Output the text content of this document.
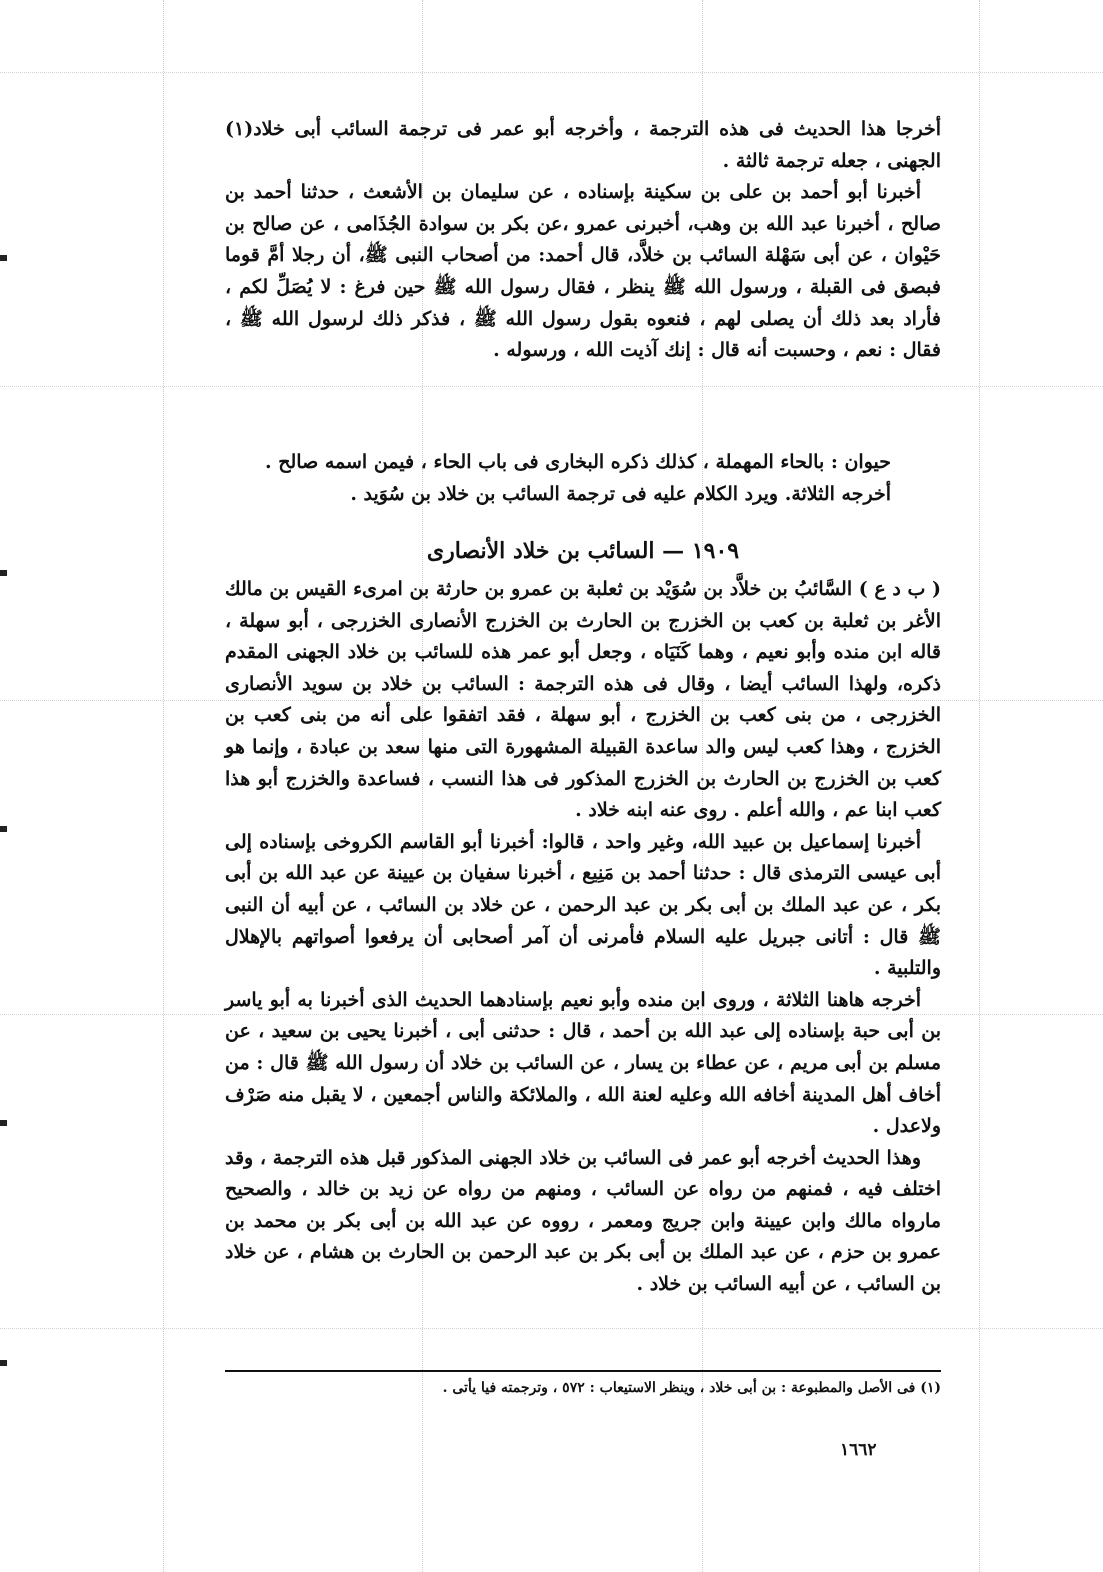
أخرجا هذا الحديث فى هذه الترجمة ، وأخرجه أبو عمر فى ترجمة السائب أبى خلاد(١) الجهنى ، جعله ترجمة ثالثة .

أخبرنا أبو أحمد بن على بن سكينة بإسناده ، عن سليمان بن الأشعث ، حدثنا أحمد بن صالح ، أخبرنا عبد الله بن وهب، أخبرنى عمرو ،عن بكر بن سوادة الجُذَامى ، عن صالح بن حَيْوان ، عن أبى سَهْلة السائب بن خلاَّد، قال أحمد: من أصحاب النبى ﷺ، أن رجلا أمَّ قوما فبصق فى القبلة ، ورسول الله ﷺ ينظر ، فقال رسول الله ﷺ حين فرغ : لا يُصَلِّ لكم ، فأراد بعد ذلك أن يصلى لهم ، فنعوه بقول رسول الله ﷺ ، فذكر ذلك لرسول الله ﷺ ، فقال : نعم ، وحسبت أنه قال : إنك آذيت الله ، ورسوله .

حيوان : بالحاء المهملة ، كذلك ذكره البخارى فى باب الحاء ، فيمن اسمه صالح .

أخرجه الثلاثة. ويرد الكلام عليه فى ترجمة السائب بن خلاد بن سُوَيد .

١٩٠٩ — السائب بن خلاد الأنصارى

( ب د ع ) السَّائبُ بن خلاَّد بن سُوَيْد بن ثعلبة بن عمرو بن حارثة بن امرىء القيس بن مالك الأغر بن ثعلبة بن كعب بن الخزرج بن الحارث بن الخزرج الأنصارى الخزرجى ، أبو سهلة ، قاله ابن منده وأبو نعيم ، وهما كَنَيَاه ، وجعل أبو عمر هذه للسائب بن خلاد الجهنى المقدم ذكره، ولهذا السائب أيضا ، وقال فى هذه الترجمة : السائب بن خلاد بن سويد الأنصارى الخزرجى ، من بنى كعب بن الخزرج ، أبو سهلة ، فقد اتفقوا على أنه من بنى كعب بن الخزرج ، وهذا كعب ليس والد ساعدة القبيلة المشهورة التى منها سعد بن عبادة ، وإنما هو كعب بن الخزرج بن الحارث بن الخزرج المذكور فى هذا النسب ، فساعدة والخزرج أبو هذا كعب ابنا عم ، والله أعلم . روى عنه ابنه خلاد .

أخبرنا إسماعيل بن عبيد الله، وغير واحد ، قالوا: أخبرنا أبو القاسم الكروخى بإسناده إلى أبى عيسى الترمذى قال : حدثنا أحمد بن مَنِيع ، أخبرنا سفيان بن عيينة عن عبد الله بن أبى بكر ، عن عبد الملك بن أبى بكر بن عبد الرحمن ، عن خلاد بن السائب ، عن أبيه أن النبى ﷺ قال : أتانى جبريل عليه السلام فأمرنى أن آمر أصحابى أن يرفعوا أصواتهم بالإهلال والتلبية .

أخرجه هاهنا الثلاثة ، وروى ابن منده وأبو نعيم بإسنادهما الحديث الذى أخبرنا به أبو ياسر بن أبى حبة بإسناده إلى عبد الله بن أحمد ، قال : حدثنى أبى ، أخبرنا يحيى بن سعيد ، عن مسلم بن أبى مريم ، عن عطاء بن يسار ، عن السائب بن خلاد أن رسول الله ﷺ قال : من أخاف أهل المدينة أخافه الله وعليه لعنة الله ، والملائكة والناس أجمعين ، لا يقبل منه صَرْف ولاعدل .

وهذا الحديث أخرجه أبو عمر فى السائب بن خلاد الجهنى المذكور قبل هذه الترجمة ، وقد اختلف فيه ، فمنهم من رواه عن السائب ، ومنهم من رواه عن زيد بن خالد ، والصحيح مارواه مالك وابن عيينة وابن جريج ومعمر ، رووه عن عبد الله بن أبى بكر بن محمد بن عمرو بن حزم ، عن عبد الملك بن أبى بكر بن عبد الرحمن بن الحارث بن هشام ، عن خلاد بن السائب ، عن أبيه السائب بن خلاد .

(١) فى الأصل والمطبوعة : بن أبى خلاد ، وينظر الاستيعاب : ٥٧٢ ، وترجمته فيا يأتى .
١٦٦٢
